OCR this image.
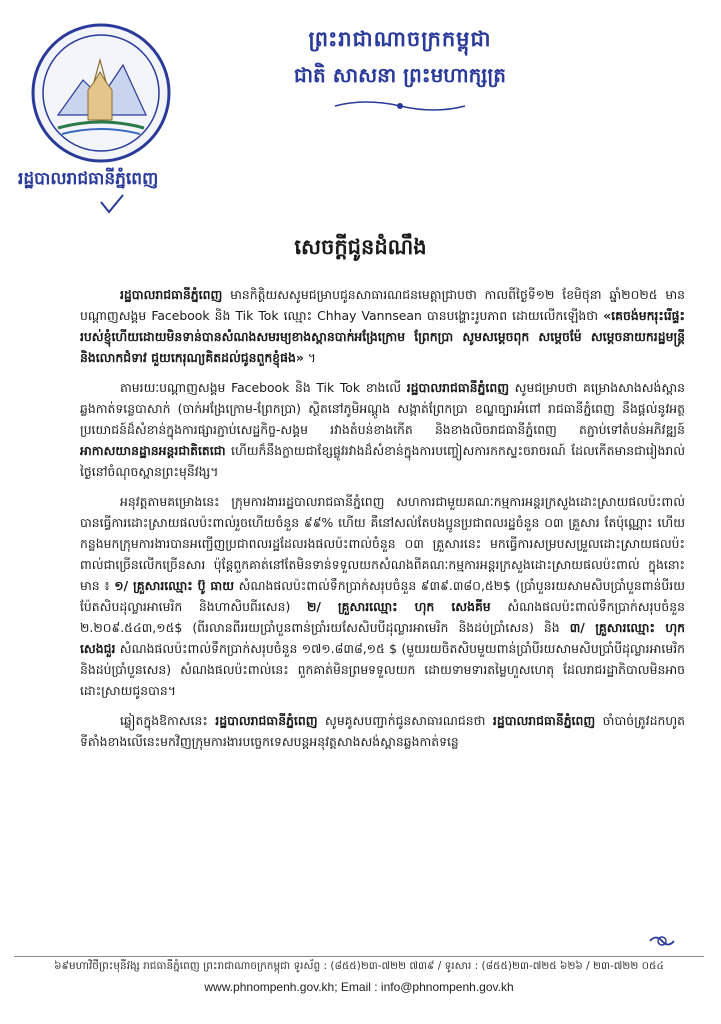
ព្រះរាជាណាចក្រកម្ពុជា
ជាតិ សាសនា ព្រះមហាក្សត្រ
រដ្ឋបាលរាជធានីភ្នំពេញ
សេចក្ដីជូនដំណឹង

រដ្ឋបាលរាជធានីភ្នំពេញ មានកិត្តិយសសូមជម្រាបជូនសាធារណជនមេត្តាជ្រាបថា កាលពីថ្ងៃទី១២ ខែមិថុនា ឆ្នាំ២០២៥ មានបណ្ដាញសង្គម Facebook និង Tik Tok ឈ្មោះ Chhay Vannsean បានបង្ហោះរូបភាព ដោយលើកឡើងថា «គេចង់មករុះរើផ្ទះរបស់ខ្ញុំហើយដោយមិនទាន់បានសំណងសមរម្យខាងស្ពានបាក់អង្រែក្រោម ព្រែកប្រា សូមសម្ដេចពុក សម្ដេចម៉ែ សម្ដេចនាយករដ្ឋមន្ត្រី និងលោកជំទាវ ជួយកេរុណ្យគិតដល់ជូនពួកខ្ញុំផង» ។

តាមរយៈបណ្ដាញសង្គម Facebook និង Tik Tok ខាងលើ រដ្ឋបាលរាជធានីភ្នំពេញ សូមជម្រាបថា គម្រោងសាងសង់ស្ពានឆ្លងកាត់ទន្លេបាសាក់ (ចាក់អង្រែក្រោម-ព្រែកប្រា) ស្ថិតនៅភូមិអណ្ដូង សង្កាត់ព្រែកប្រា ខណ្ឌច្បារអំពៅ រាជធានីភ្នំពេញ នឹងផ្ដល់នូវអត្ថប្រយោជន៍ដ៏សំខាន់ក្នុងការផ្សារភ្ជាប់សេដ្ឋកិច្ច-សង្គម រវាងតំបន់ខាងកើត និងខាងលិចរាជធានីភ្នំពេញ តភ្ជាប់ទៅតំបន់អភិវឌ្ឍន៍អាកាសយានដ្ឋានអន្តរជាតិតេជោ ហើយក៏នឹងក្លាយជាខ្សែផ្លូវរវាងដ៏សំខាន់ក្នុងការបញ្ចៀសការកកស្ទះចរាចរណ៍ ដែលកើតមានជារៀងរាល់ថ្ងៃនៅចំណុចស្ពានព្រះមុនីវង្ស។

អនុវត្តតាមគម្រោងនេះ ក្រុមការងាររដ្ឋបាលរាជធានីភ្នំពេញ សហការជាមួយគណៈកម្មការអន្តរក្រសួងដោះស្រាយផលប៉ះពាល់ បានធ្វើការដោះស្រាយផលប៉ះពាល់រួចហើយចំនួន ៩៩% ហើយ គឺនៅសល់តែបងប្អូនប្រជាពលរដ្ឋចំនួន ០៣ គ្រួសារ តែប៉ុណ្ណោះ ហើយកន្លងមកក្រុមការងារបានអញ្ជើញប្រជាពលរដ្ឋដែលរងផលប៉ះពាល់ចំនួន ០៣ គ្រួសារនេះ មកធ្វើការសម្របសម្រួលដោះស្រាយផលប៉ះពាល់ជាច្រើនលើកច្រើនសារ ប៉ុន្តែពួកគាត់នៅតែមិនទាន់ទទួលយកសំណងពីគណៈកម្មការអន្តរក្រសួងដោះស្រាយផលប៉ះពាល់ ក្នុងនោះមាន ៖ ១/ គ្រួសារឈ្មោះ ប៊ូ ធាយ សំណងផលប៉ះពាល់ទឹកប្រាក់សរុបចំនួន ៩៣៩.៣៨០,៥២$ (ប្រាំបួនរយសាមសិបប្រាំបួនពាន់បីរយប៉ែតសិបដុល្លារអាមេរិក និងហាសិបពីរសេន) ២/ គ្រួសារឈ្មោះ ហុក សេងគីម សំណងផលប៉ះពាល់ទឹកប្រាក់សរុបចំនួន ២.២០៩.៥៤៣,១៥$ (ពីរលានពីររយប្រាំបួនពាន់ប្រាំរយសែសិបបីដុល្លារអាមេរិក និងដប់ប្រាំសេន) និង ៣/ គ្រួសារឈ្មោះ ហុក សេងជួរ សំណងផលប៉ះពាល់ទឹកប្រាក់សរុបចំនួន ១៧១.៨៣៨,១៥ $ (មួយរយចិតសិបមួយពាន់ប្រាំបីរយសាមសិបប្រាំបីដុល្លារអាមេរិក និងដប់ប្រាំបួនសេន) សំណងផលប៉ះពាល់នេះ ពួកគាត់មិនព្រមទទួលយក ដោយទាមទារតម្លៃហួសហេតុ ដែលរាជរដ្ឋាភិបាលមិនអាចដោះស្រាយជូនបាន។

ឆ្លៀតក្នុងឱកាសនេះ រដ្ឋបាលរាជធានីភ្នំពេញ សូមគូសបញ្ជាក់ជូនសាធារណជនថា រដ្ឋបាលរាជធានីភ្នំពេញ ចាំបាច់ត្រូវដកហូតទីតាំងខាងលើនេះមកវិញក្រុមការងារបច្ចេកទេសបន្តអនុវត្តសាងសង់ស្ពានឆ្លងកាត់ទន្លេ

៦៩មហាវិថីព្រះមុនីវង្ស រាជធានីភ្នំពេញ ព្រះរាជាណាចក្រកម្ពុជា ទូរស័ព្ទ : (៨៥៥)២៣-៧២២ ៧៣៩ / ទូរសារ : (៨៥៥)២៣-៧២៥ ៦២៦ / ២៣-៧២២ ០៥៤
www.phnompenh.gov.kh; Email : info@phnompenh.gov.kh
